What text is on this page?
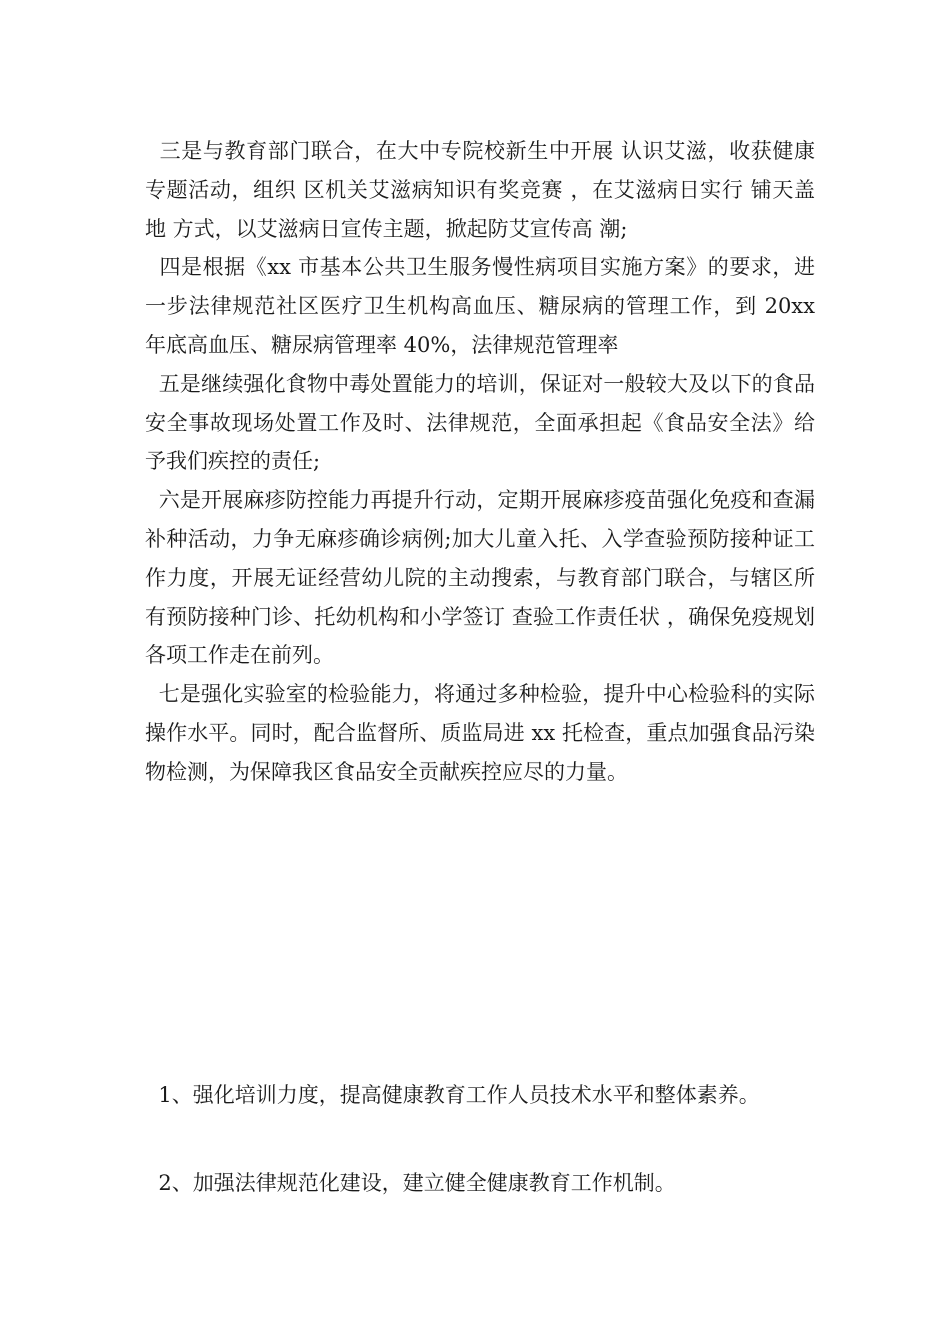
三是与教育部门联合，在大中专院校新生中开展 认识艾滋，收获健康 专题活动，组织 区机关艾滋病知识有奖竞赛 ，在艾滋病日实行 铺天盖地 方式，以艾滋病日宣传主题，掀起防艾宣传高 潮;

四是根据《xx 市基本公共卫生服务慢性病项目实施方案》的要求，进一步法律规范社区医疗卫生机构高血压、糖尿病的管理工作，到 20xx 年底高血压、糖尿病管理率 40%，法律规范管理率

五是继续强化食物中毒处置能力的培训，保证对一般较大及以下的食品安全事故现场处置工作及时、法律规范，全面承担起《食品安全法》给予我们疾控的责任;

六是开展麻疹防控能力再提升行动，定期开展麻疹疫苗强化免疫和查漏补种活动，力争无麻疹确诊病例;加大儿童入托、入学查验预防接种证工作力度，开展无证经营幼儿院的主动搜索，与教育部门联合，与辖区所有预防接种门诊、托幼机构和小学签订 查验工作责任状 ，确保免疫规划各项工作走在前列。

七是强化实验室的检验能力，将通过多种检验，提升中心检验科的实际操作水平。同时，配合监督所、质监局进 xx 托检查，重点加强食品污染物检测，为保障我区食品安全贡献疾控应尽的力量。

1、强化培训力度，提高健康教育工作人员技术水平和整体素养。
2、加强法律规范化建设，建立健全健康教育工作机制。
